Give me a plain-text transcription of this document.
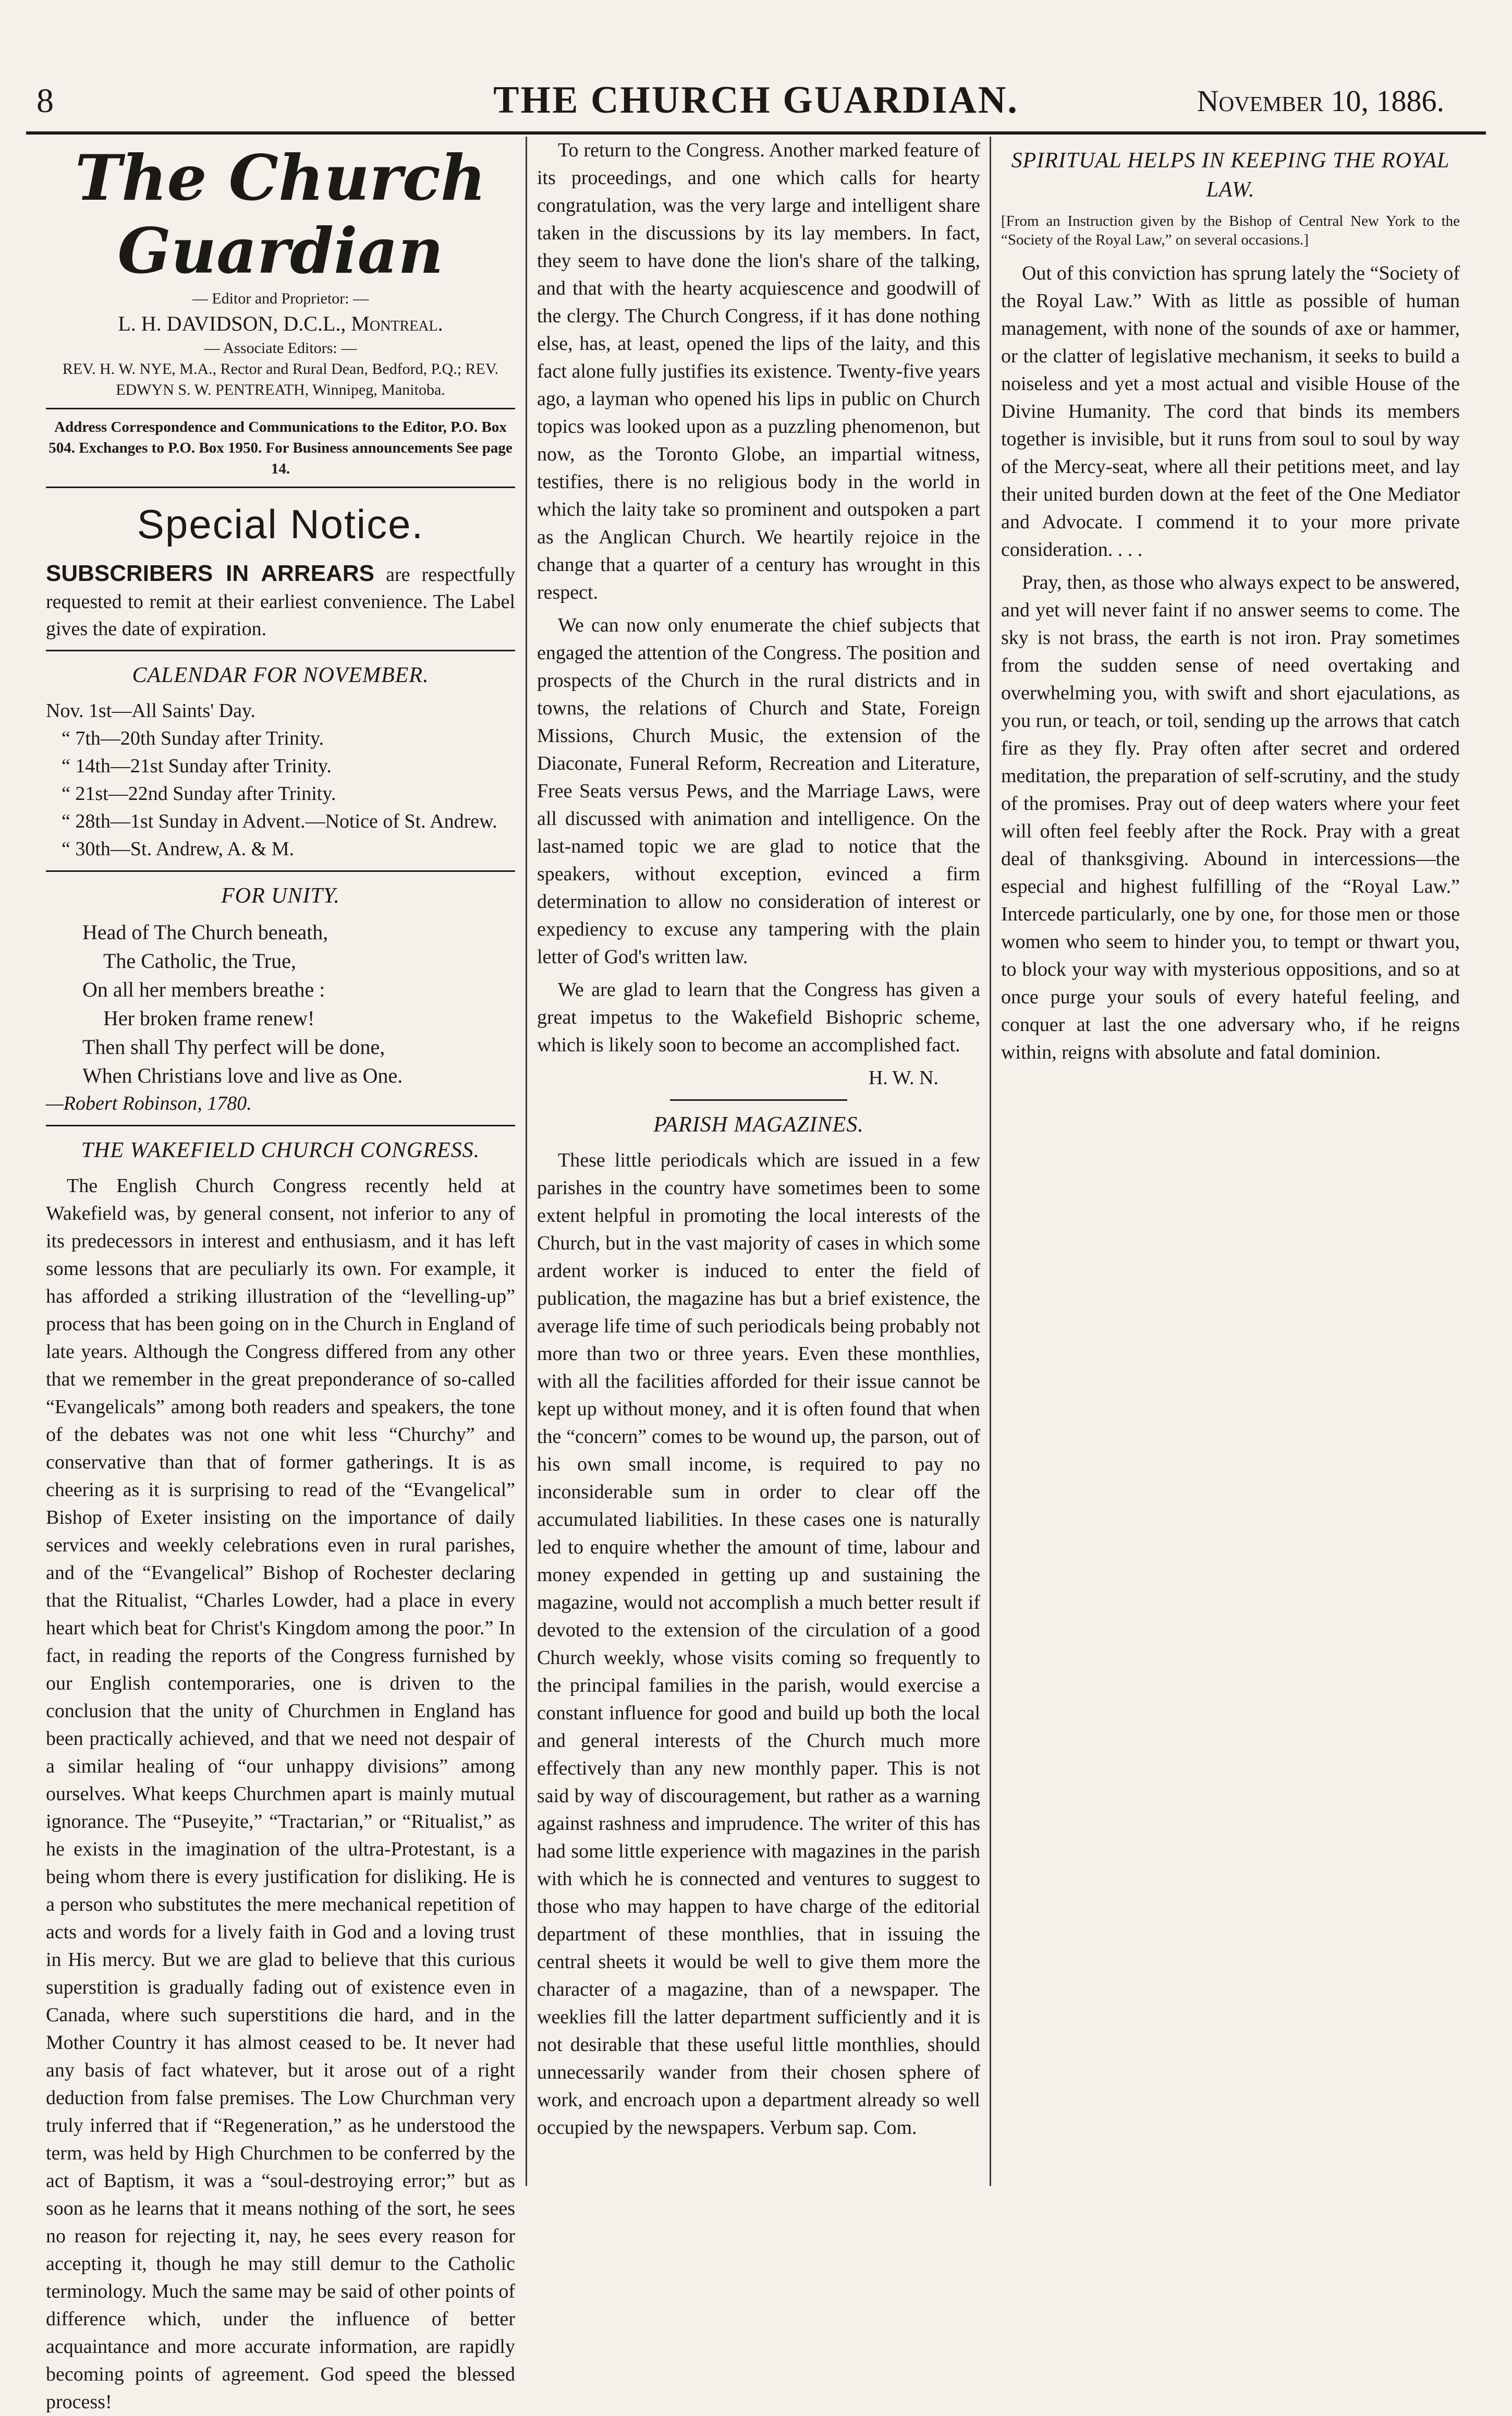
8	THE CHURCH GUARDIAN.	November 10, 1886.
The Church Guardian
— Editor and Proprietor: —
L. H. DAVIDSON, D.C.L., Montreal.
— Associate Editors: —
REV. H. W. NYE, M.A., Rector and Rural Dean, Bedford, P.Q.; REV. EDWYN S. W. PENTREATH, Winnipeg, Manitoba.
Address Correspondence and Communications to the Editor, P.O. Box 504. Exchanges to P.O. Box 1950. For Business announcements See page 14.
Special Notice.
SUBSCRIBERS IN ARREARS are respectfully requested to remit at their earliest convenience. The Label gives the date of expiration.
CALENDAR FOR NOVEMBER.
Nov. 1st—All Saints' Day.
“ 7th—20th Sunday after Trinity.
“ 14th—21st Sunday after Trinity.
“ 21st—22nd Sunday after Trinity.
“ 28th—1st Sunday in Advent.—Notice of St. Andrew.
“ 30th—St. Andrew, A. & M.
FOR UNITY.
Head of The Church beneath,
The Catholic, the True,
On all her members breathe :
Her broken frame renew!
Then shall Thy perfect will be done,
When Christians love and live as One.
—Robert Robinson, 1780.
THE WAKEFIELD CHURCH CONGRESS.

The English Church Congress recently held at Wakefield was, by general consent, not inferior to any of its predecessors in interest and enthusiasm, and it has left some lessons that are peculiarly its own. For example, it has afforded a striking illustration of the “levelling-up” process that has been going on in the Church in England of late years. Although the Congress differed from any other that we remember in the great preponderance of so-called “Evangelicals” among both readers and speakers, the tone of the debates was not one whit less “Churchy” and conservative than that of former gatherings. It is as cheering as it is surprising to read of the “Evangelical” Bishop of Exeter insisting on the importance of daily services and weekly celebrations even in rural parishes, and of the “Evangelical” Bishop of Rochester declaring that the Ritualist, “Charles Lowder, had a place in every heart which beat for Christ's Kingdom among the poor.” In fact, in reading the reports of the Congress furnished by our English contemporaries, one is driven to the conclusion that the unity of Churchmen in England has been practically achieved, and that we need not despair of a similar healing of “our unhappy divisions” among ourselves. What keeps Churchmen apart is mainly mutual ignorance. The “Puseyite,” “Tractarian,” or “Ritualist,” as he exists in the imagination of the ultra-Protestant, is a being whom there is every justification for disliking. He is a person who substitutes the mere mechanical repetition of acts and words for a lively faith in God and a loving trust in His mercy. But we are glad to believe that this curious superstition is gradually fading out of existence even in Canada, where such superstitions die hard, and in the Mother Country it has almost ceased to be. It never had any basis of fact whatever, but it arose out of a right deduction from false premises. The Low Churchman very truly inferred that if “Regeneration,” as he understood the term, was held by High Churchmen to be conferred by the act of Baptism, it was a “soul-destroying error;” but as soon as he learns that it means nothing of the sort, he sees no reason for rejecting it, nay, he sees every reason for accepting it, though he may still demur to the Catholic terminology. Much the same may be said of other points of difference which, under the influence of better acquaintance and more accurate information, are rapidly becoming points of agreement. God speed the blessed process!

To return to the Congress. Another marked feature of its proceedings, and one which calls for hearty congratulation, was the very large and intelligent share taken in the discussions by its lay members. In fact, they seem to have done the lion's share of the talking, and that with the hearty acquiescence and goodwill of the clergy. The Church Congress, if it has done nothing else, has, at least, opened the lips of the laity, and this fact alone fully justifies its existence. Twenty-five years ago, a layman who opened his lips in public on Church topics was looked upon as a puzzling phenomenon, but now, as the Toronto Globe, an impartial witness, testifies, there is no religious body in the world in which the laity take so prominent and outspoken a part as the Anglican Church. We heartily rejoice in the change that a quarter of a century has wrought in this respect.

We can now only enumerate the chief subjects that engaged the attention of the Congress. The position and prospects of the Church in the rural districts and in towns, the relations of Church and State, Foreign Missions, Church Music, the extension of the Diaconate, Funeral Reform, Recreation and Literature, Free Seats versus Pews, and the Marriage Laws, were all discussed with animation and intelligence. On the last-named topic we are glad to notice that the speakers, without exception, evinced a firm determination to allow no consideration of interest or expediency to excuse any tampering with the plain letter of God's written law.

We are glad to learn that the Congress has given a great impetus to the Wakefield Bishopric scheme, which is likely soon to become an accomplished fact.

H. W. N.
PARISH MAGAZINES.

These little periodicals which are issued in a few parishes in the country have sometimes been to some extent helpful in promoting the local interests of the Church, but in the vast majority of cases in which some ardent worker is induced to enter the field of publication, the magazine has but a brief existence, the average life time of such periodicals being probably not more than two or three years. Even these monthlies, with all the facilities afforded for their issue cannot be kept up without money, and it is often found that when the “concern” comes to be wound up, the parson, out of his own small income, is required to pay no inconsiderable sum in order to clear off the accumulated liabilities. In these cases one is naturally led to enquire whether the amount of time, labour and money expended in getting up and sustaining the magazine, would not accomplish a much better result if devoted to the extension of the circulation of a good Church weekly, whose visits coming so frequently to the principal families in the parish, would exercise a constant influence for good and build up both the local and general interests of the Church much more effectively than any new monthly paper. This is not said by way of discouragement, but rather as a warning against rashness and imprudence. The writer of this has had some little experience with magazines in the parish with which he is connected and ventures to suggest to those who may happen to have charge of the editorial department of these monthlies, that in issuing the central sheets it would be well to give them more the character of a magazine, than of a newspaper. The weeklies fill the latter department sufficiently and it is not desirable that these useful little monthlies, should unnecessarily wander from their chosen sphere of work, and encroach upon a department already so well occupied by the newspapers. Verbum sap. Com.

SPIRITUAL HELPS IN KEEPING THE ROYAL LAW.

[From an Instruction given by the Bishop of Central New York to the “Society of the Royal Law,” on several occasions.]

Out of this conviction has sprung lately the “Society of the Royal Law.” With as little as possible of human management, with none of the sounds of axe or hammer, or the clatter of legislative mechanism, it seeks to build a noiseless and yet a most actual and visible House of the Divine Humanity. The cord that binds its members together is invisible, but it runs from soul to soul by way of the Mercy-seat, where all their petitions meet, and lay their united burden down at the feet of the One Mediator and Advocate. I commend it to your more private consideration. . . .

Pray, then, as those who always expect to be answered, and yet will never faint if no answer seems to come. The sky is not brass, the earth is not iron. Pray sometimes from the sudden sense of need overtaking and overwhelming you, with swift and short ejaculations, as you run, or teach, or toil, sending up the arrows that catch fire as they fly. Pray often after secret and ordered meditation, the preparation of self-scrutiny, and the study of the promises. Pray out of deep waters where your feet will often feel feebly after the Rock. Pray with a great deal of thanksgiving. Abound in intercessions—the especial and highest fulfilling of the “Royal Law.” Intercede particularly, one by one, for those men or those women who seem to hinder you, to tempt or thwart you, to block your way with mysterious oppositions, and so at once purge your souls of every hateful feeling, and conquer at last the one adversary who, if he reigns within, reigns with absolute and fatal dominion.
